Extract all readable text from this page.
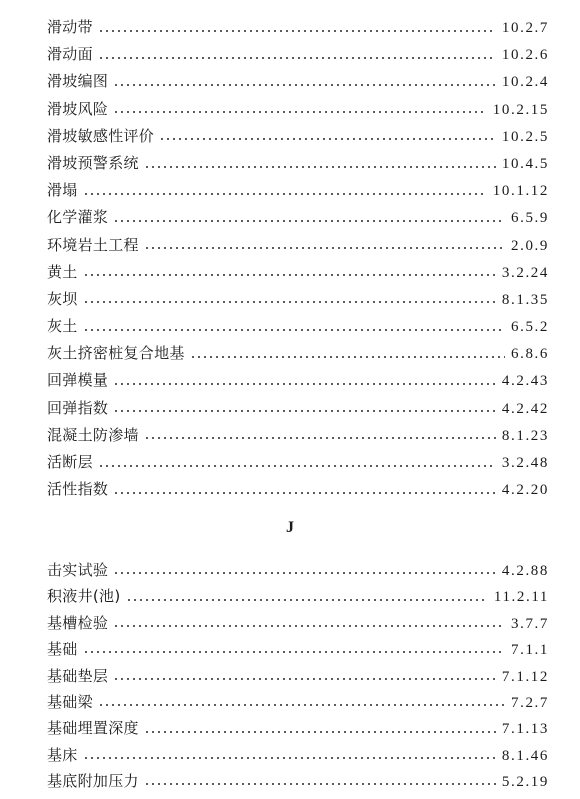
滑动带	10.2.7
滑动面	10.2.6
滑坡编图	10.2.4
滑坡风险	10.2.15
滑坡敏感性评价	10.2.5
滑坡预警系统	10.4.5
滑塌	10.1.12
化学灌浆	6.5.9
环境岩土工程	2.0.9
黄土	3.2.24
灰坝	8.1.35
灰土	6.5.2
灰土挤密桩复合地基	6.8.6
回弹模量	4.2.43
回弹指数	4.2.42
混凝土防渗墙	8.1.23
活断层	3.2.48
活性指数	4.2.20
J
击实试验	4.2.88
积液井(池)	11.2.11
基槽检验	3.7.7
基础	7.1.1
基础垫层	7.1.12
基础梁	7.2.7
基础埋置深度	7.1.13
基床	8.1.46
基底附加压力	5.2.19
